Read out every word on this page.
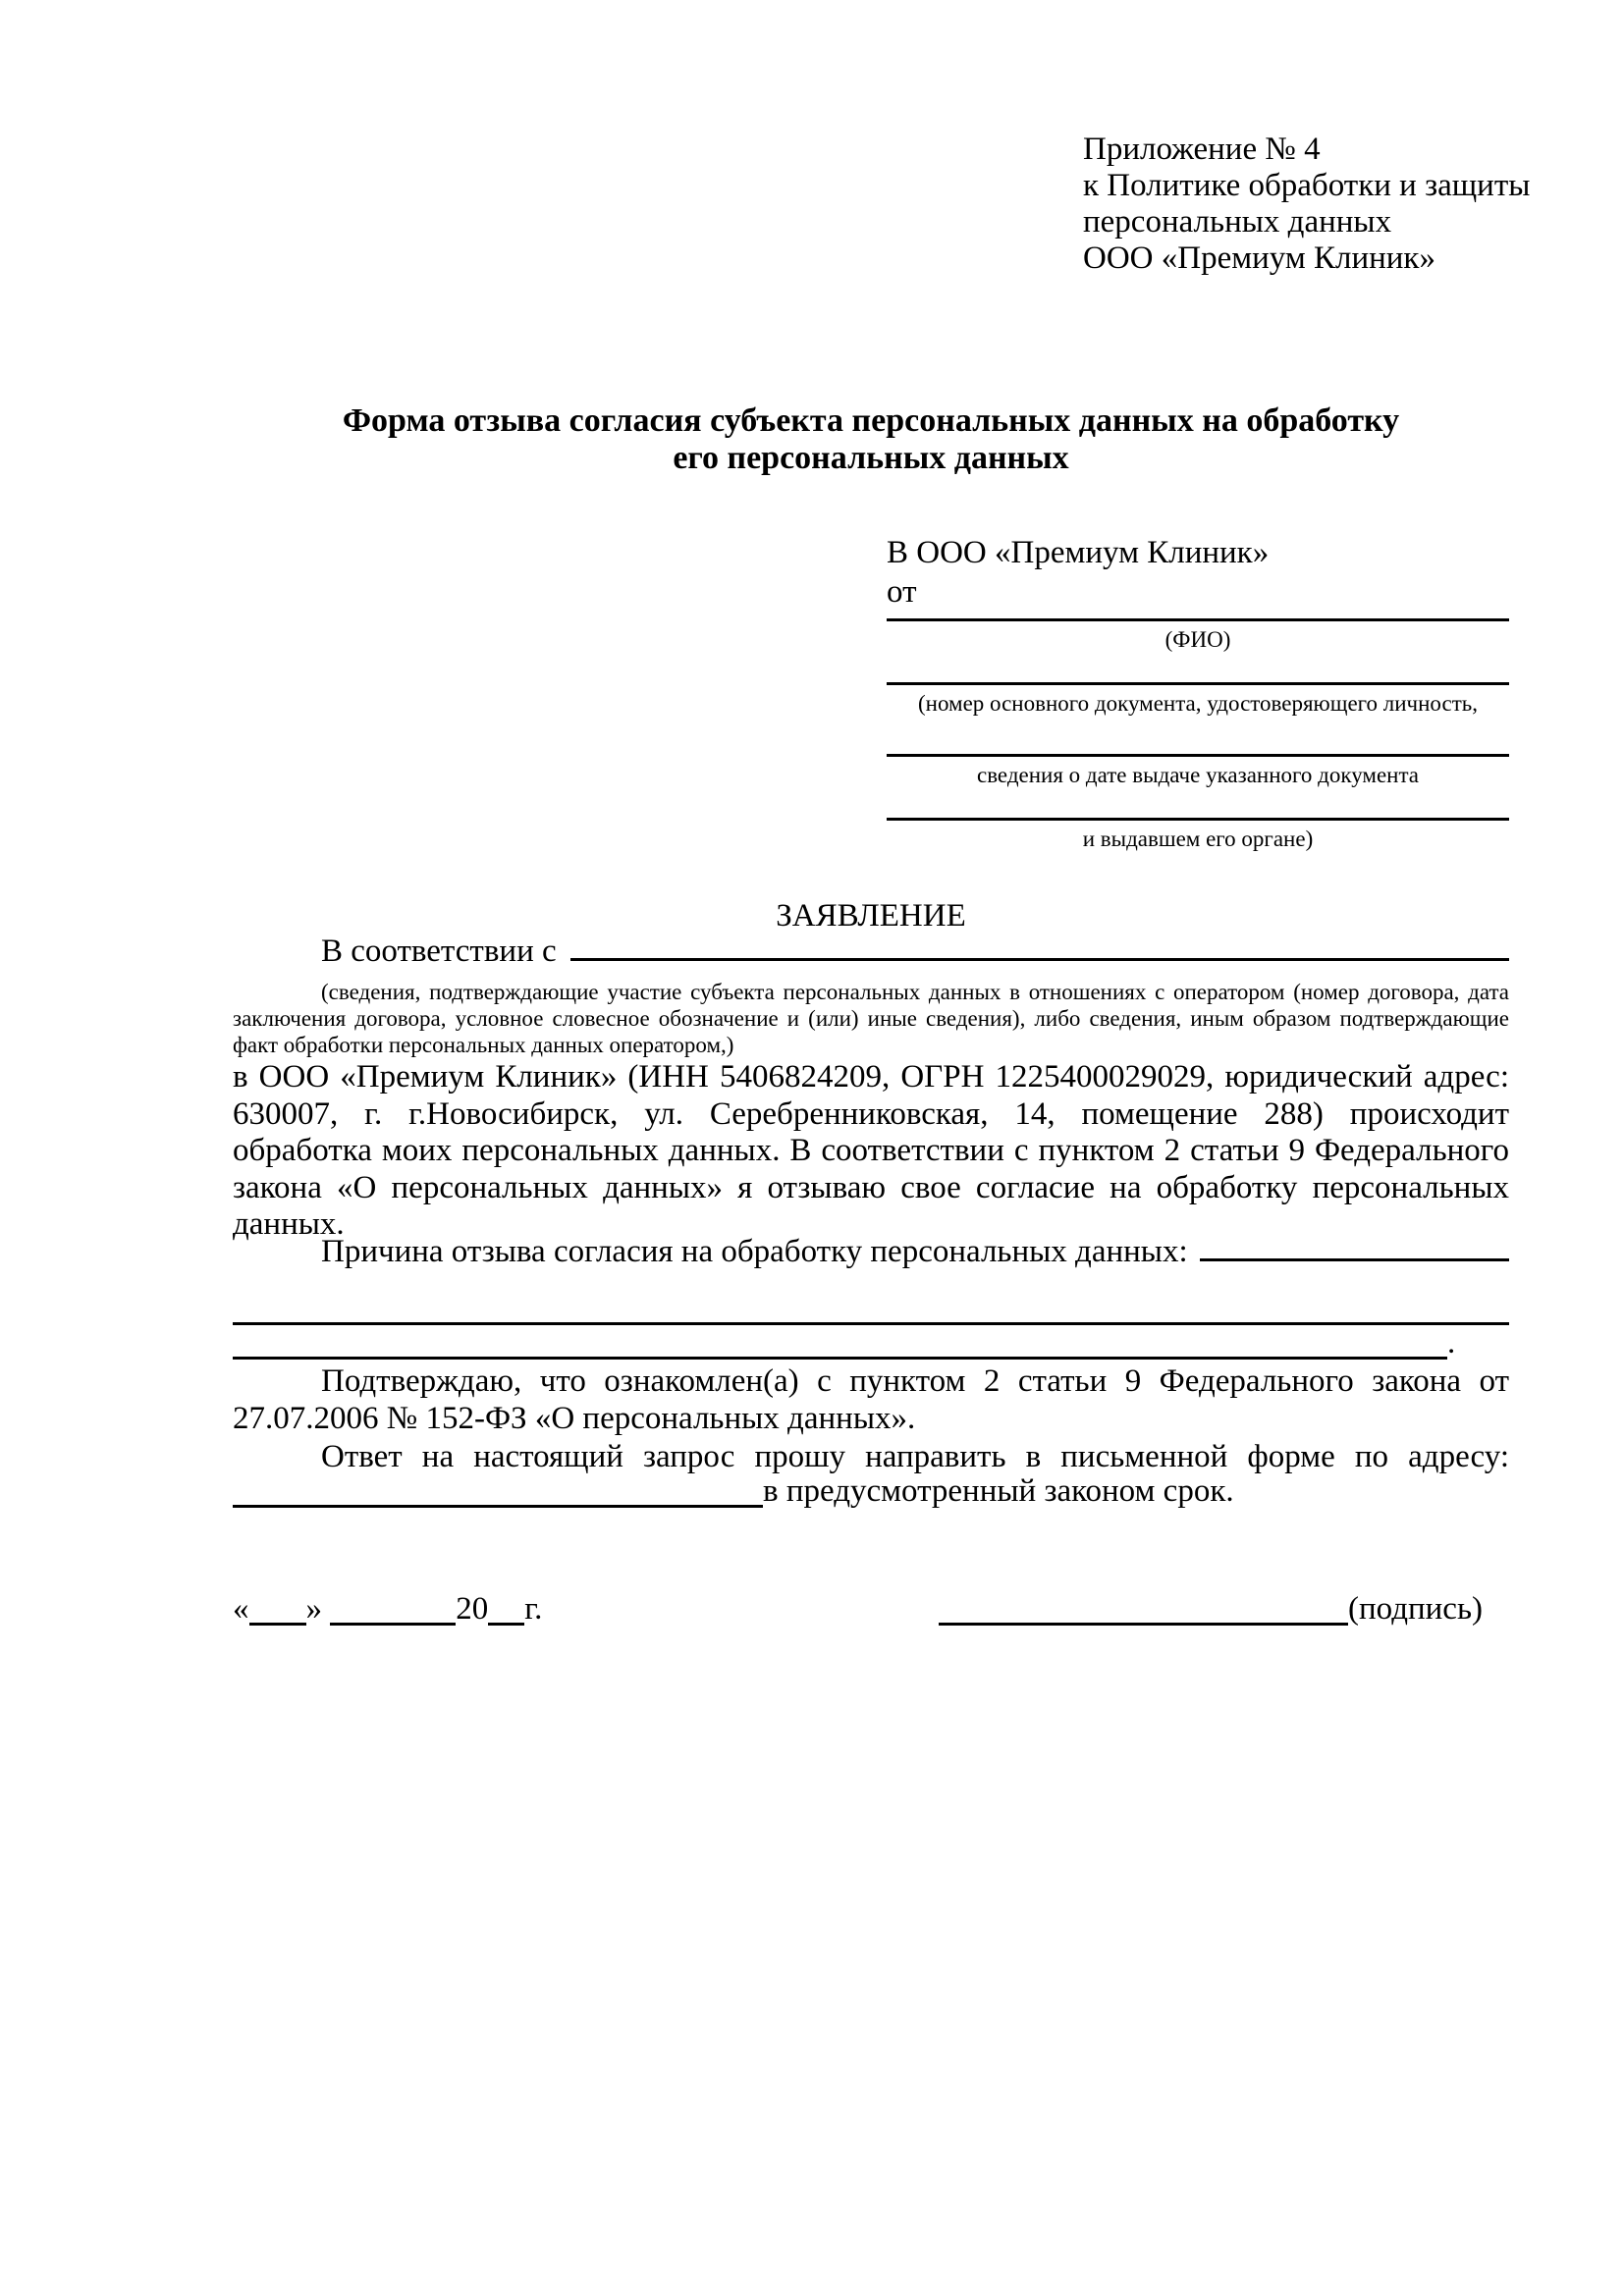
Приложение № 4
к Политике обработки и защиты
персональных данных
ООО «Премиум Клиник»
Форма отзыва согласия субъекта персональных данных на обработку
его персональных данных
В ООО «Премиум Клиник»
от
(ФИО)
(номер основного документа, удостоверяющего личность,
сведения о дате выдаче указанного документа
и выдавшем его органе)
ЗАЯВЛЕНИЕ
В соответствии с
(сведения, подтверждающие участие субъекта персональных данных в отношениях с оператором (номер договора, дата заключения договора, условное словесное обозначение и (или) иные сведения), либо сведения, иным образом подтверждающие факт обработки персональных данных оператором,)
в ООО «Премиум Клиник» (ИНН 5406824209, ОГРН 1225400029029, юридический адрес: 630007, г. г.Новосибирск, ул. Серебренниковская, 14, помещение 288) происходит обработка моих персональных данных. В соответствии с пунктом 2 статьи 9 Федерального закона «О персональных данных» я отзываю свое согласие на обработку персональных данных.
Причина отзыва согласия на обработку персональных данных:
.
Подтверждаю, что ознакомлен(а) с пунктом 2 статьи 9 Федерального закона от 27.07.2006 № 152-ФЗ «О персональных данных».
Ответ на настоящий запрос прошу направить в письменной форме по адресу:
в предусмотренный законом срок.
« »	20 г.	(подпись)
